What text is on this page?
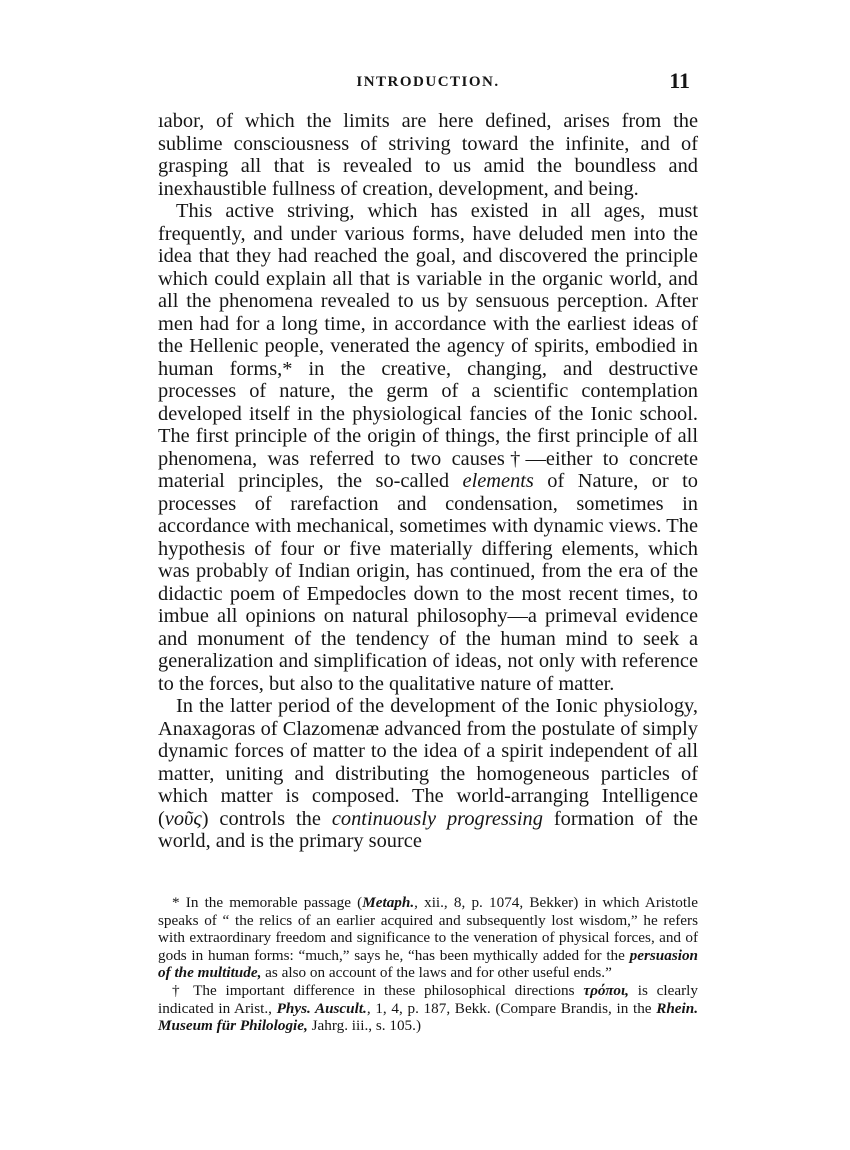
INTRODUCTION.	11

ıabor, of which the limits are here defined, arises from the sublime consciousness of striving toward the infinite, and of grasping all that is revealed to us amid the boundless and inexhaustible fullness of creation, development, and being.

This active striving, which has existed in all ages, must frequently, and under various forms, have deluded men into the idea that they had reached the goal, and discovered the principle which could explain all that is variable in the organic world, and all the phenomena revealed to us by sensuous perception. After men had for a long time, in accordance with the earliest ideas of the Hellenic people, venerated the agency of spirits, embodied in human forms,* in the creative, changing, and destructive processes of nature, the germ of a scientific contemplation developed itself in the physiological fancies of the Ionic school. The first principle of the origin of things, the first principle of all phenomena, was referred to two causes†—either to concrete material principles, the so-called elements of Nature, or to processes of rarefaction and condensation, sometimes in accordance with mechanical, sometimes with dynamic views. The hypothesis of four or five materially differing elements, which was probably of Indian origin, has continued, from the era of the didactic poem of Empedocles down to the most recent times, to imbue all opinions on natural philosophy—a primeval evidence and monument of the tendency of the human mind to seek a generalization and simplification of ideas, not only with reference to the forces, but also to the qualitative nature of matter.

In the latter period of the development of the Ionic physiology, Anaxagoras of Clazomenæ advanced from the postulate of simply dynamic forces of matter to the idea of a spirit independent of all matter, uniting and distributing the homogeneous particles of which matter is composed. The world-arranging Intelligence (νοῦς) controls the continuously progressing formation of the world, and is the primary source

* In the memorable passage (Metaph., xii., 8, p. 1074, Bekker) in which Aristotle speaks of “ the relics of an earlier acquired and subsequently lost wisdom,” he refers with extraordinary freedom and significance to the veneration of physical forces, and of gods in human forms: “much,” says he, “has been mythically added for the persuasion of the multitude, as also on account of the laws and for other useful ends.”

† The important difference in these philosophical directions τρόποι, is clearly indicated in Arist., Phys. Auscult., 1, 4, p. 187, Bekk. (Compare Brandis, in the Rhein. Museum für Philologie, Jahrg. iii., s. 105.)
